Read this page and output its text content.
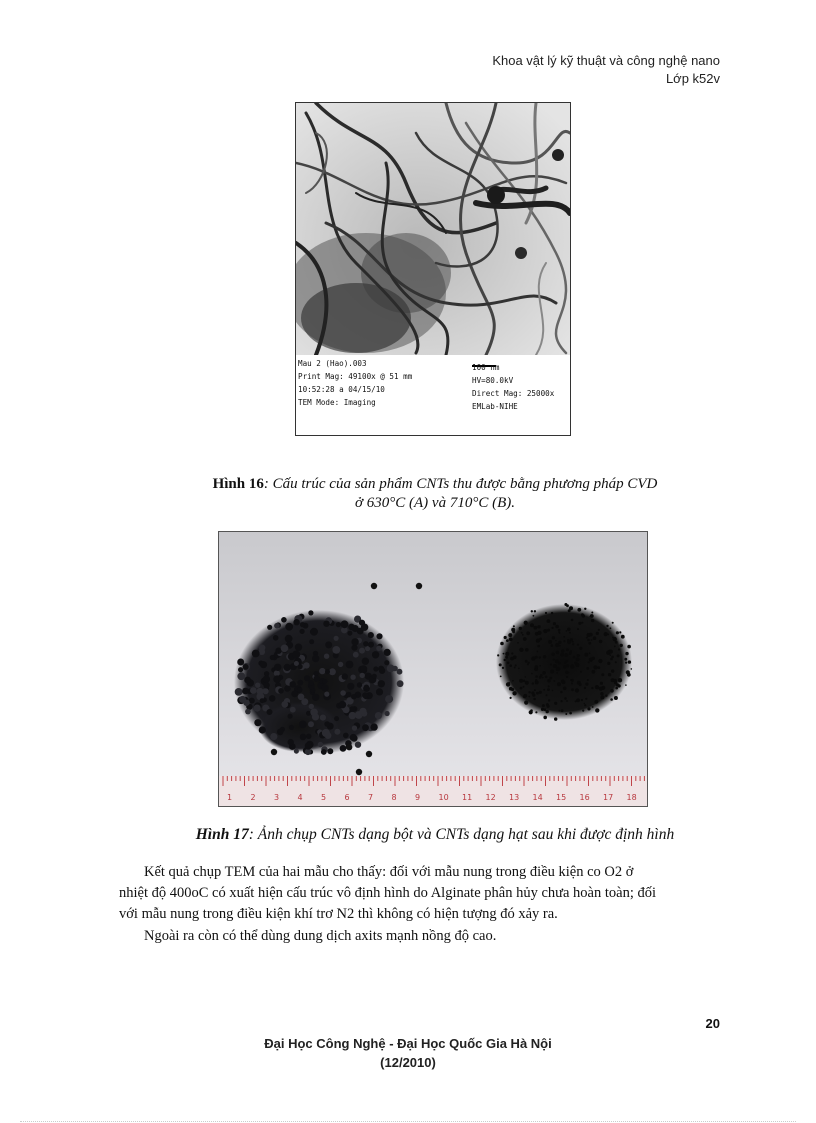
Khoa vật lý kỹ thuật và công nghệ nano
Lớp k52v
Mau 2 (Hao).003
Print Mag: 49100x @ 51 mm
10:52:28 a 04/15/10
TEM Mode: Imaging
100 nm
HV=80.0kV
Direct Mag: 25000x
EMLab-NIHE
Hình 16: Cấu trúc của sản phẩm CNTs thu được bằng phương pháp CVD
ở 630°C (A) và 710°C (B).
1 2 3 4 5 6 7 8 9 10 11 12 13 14 15 16 17 18
Hình 17: Ảnh chụp CNTs dạng bột và CNTs dạng hạt sau khi được định hình
Kết quả chụp TEM của hai mẫu cho thấy: đối với mẫu nung trong điều kiện co O2 ở
nhiệt độ 400oC có xuất hiện cấu trúc vô định hình do Alginate phân hủy chưa hoàn toàn; đối
với mẫu nung trong điều kiện khí trơ N2 thì không có hiện tượng đó xảy ra.
Ngoài ra còn có thể dùng dung dịch axits mạnh nồng độ cao.
20
Đại Học Công Nghệ - Đại Học Quốc Gia Hà Nội
(12/2010)
